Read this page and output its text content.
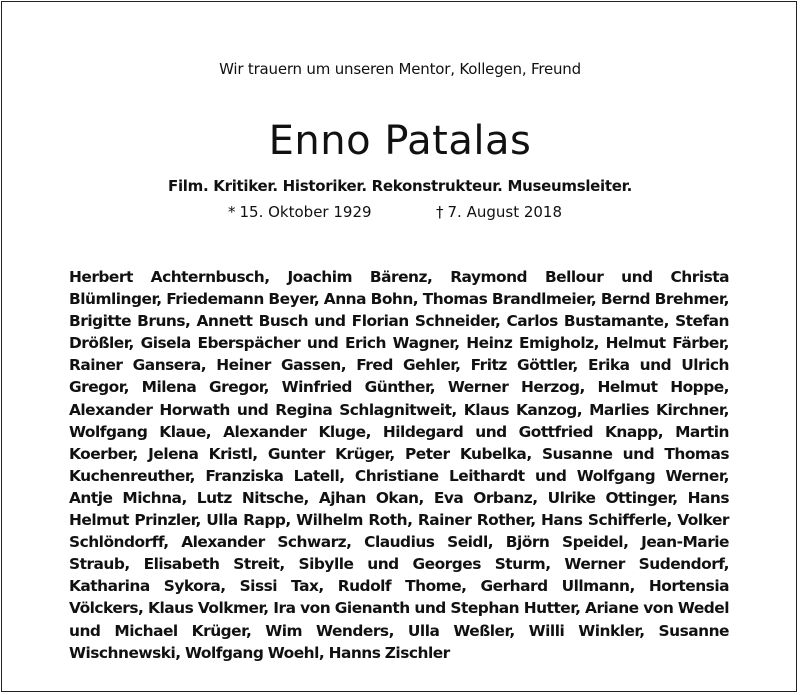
Wir trauern um unseren Mentor, Kollegen, Freund
Enno Patalas
Film. Kritiker. Historiker. Rekonstrukteur. Museumsleiter.
* 15. Oktober 1929	† 7. August 2018
Herbert Achternbusch, Joachim Bärenz, Raymond Bellour und Christa Blümlinger, Friedemann Beyer, Anna Bohn, Thomas Brandlmeier, Bernd Brehmer, Brigitte Bruns, Annett Busch und Florian Schneider, Carlos Bustamante, Stefan Drößler, Gisela Eberspächer und Erich Wagner, Heinz Emigholz, Helmut Färber, Rainer Gansera, Heiner Gassen, Fred Gehler, Fritz Göttler, Erika und Ulrich Gregor, Milena Gregor, Winfried Günther, Werner Herzog, Helmut Hoppe, Alexander Horwath und Regina Schlagnitweit, Klaus Kanzog, Marlies Kirchner, Wolfgang Klaue, Alexander Kluge, Hildegard und Gottfried Knapp, Martin Koerber, Jelena Kristl, Gunter Krüger, Peter Kubelka, Susanne und Thomas Kuchenreuther, Franziska Latell, Christiane Leithardt und Wolfgang Werner, Antje Michna, Lutz Nitsche, Ajhan Okan, Eva Orbanz, Ulrike Ottinger, Hans Helmut Prinzler, Ulla Rapp, Wilhelm Roth, Rainer Rother, Hans Schifferle, Volker Schlöndorff, Alexander Schwarz, Claudius Seidl, Björn Speidel, Jean-Marie Straub, Elisabeth Streit, Sibylle und Georges Sturm, Werner Sudendorf, Katharina Sykora, Sissi Tax, Rudolf Thome, Gerhard Ullmann, Hortensia Völckers, Klaus Volkmer, Ira von Gienanth und Stephan Hutter, Ariane von Wedel und Michael Krüger, Wim Wenders, Ulla Weßler, Willi Winkler, Susanne Wischnewski, Wolfgang Woehl, Hanns Zischler
